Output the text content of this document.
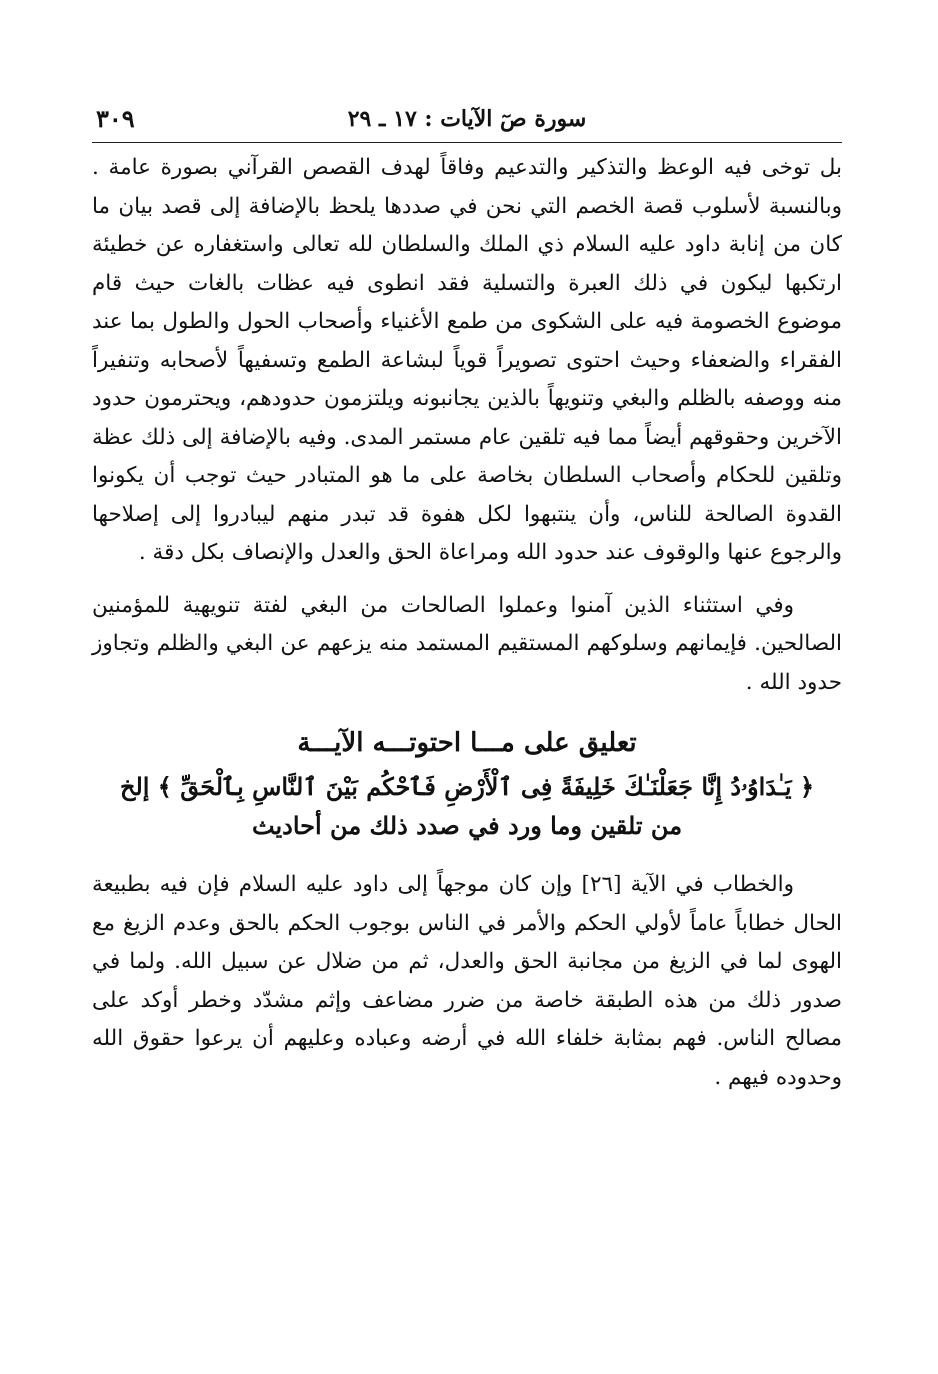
سورة صٓ الآيات : ١٧ ـ ٢٩
٣٠٩

بل توخى فيه الوعظ والتذكير والتدعيم وفاقاً لهدف القصص القرآني بصورة عامة . وبالنسبة لأسلوب قصة الخصم التي نحن في صددها يلحظ بالإضافة إلى قصد بيان ما كان من إنابة داود عليه السلام ذي الملك والسلطان لله تعالى واستغفاره عن خطيئة ارتكبها ليكون في ذلك العبرة والتسلية فقد انطوى فيه عظات بالغات حيث قام موضوع الخصومة فيه على الشكوى من طمع الأغنياء وأصحاب الحول والطول بما عند الفقراء والضعفاء وحيث احتوى تصويراً قوياً لبشاعة الطمع وتسفيهاً لأصحابه وتنفيراً منه ووصفه بالظلم والبغي وتنويهاً بالذين يجانبونه ويلتزمون حدودهم، ويحترمون حدود الآخرين وحقوقهم أيضاً مما فيه تلقين عام مستمر المدى. وفيه بالإضافة إلى ذلك عظة وتلقين للحكام وأصحاب السلطان بخاصة على ما هو المتبادر حيث توجب أن يكونوا القدوة الصالحة للناس، وأن ينتبهوا لكل هفوة قد تبدر منهم ليبادروا إلى إصلاحها والرجوع عنها والوقوف عند حدود الله ومراعاة الحق والعدل والإنصاف بكل دقة .

وفي استثناء الذين آمنوا وعملوا الصالحات من البغي لفتة تنويهية للمؤمنين الصالحين. فإيمانهم وسلوكهم المستقيم المستمد منه يزعهم عن البغي والظلم وتجاوز حدود الله .

تعليق على مـــا احتوتـــه الآيـــة

﴿ يَـٰدَاوُۥدُ إِنَّا جَعَلْنَـٰكَ خَلِيفَةً فِى ٱلْأَرْضِ فَٱحْكُم بَيْنَ ٱلنَّاسِ بِٱلْحَقِّ ﴾ إلخ

من تلقين وما ورد في صدد ذلك من أحاديث

والخطاب في الآية [٢٦] وإن كان موجهاً إلى داود عليه السلام فإن فيه بطبيعة الحال خطاباً عاماً لأولي الحكم والأمر في الناس بوجوب الحكم بالحق وعدم الزيغ مع الهوى لما في الزيغ من مجانبة الحق والعدل، ثم من ضلال عن سبيل الله. ولما في صدور ذلك من هذه الطبقة خاصة من ضرر مضاعف وإثم مشدّد وخطر أوكد على مصالح الناس. فهم بمثابة خلفاء الله في أرضه وعباده وعليهم أن يرعوا حقوق الله وحدوده فيهم .
